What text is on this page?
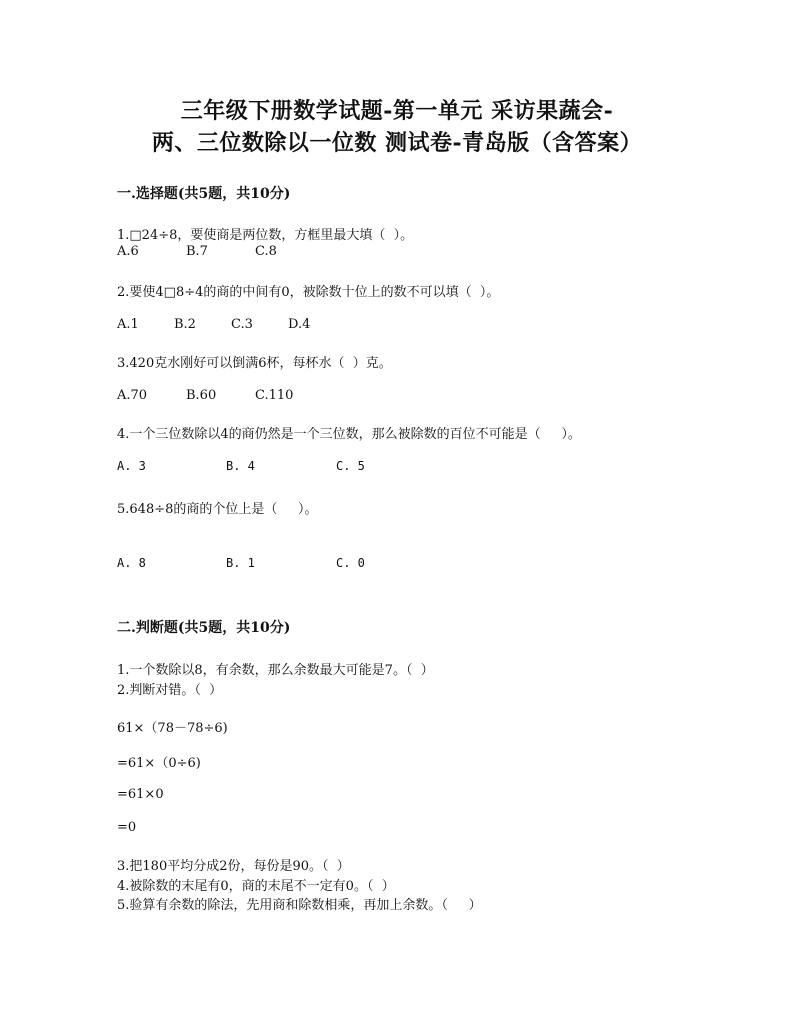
三年级下册数学试题-第一单元 采访果蔬会-
两、三位数除以一位数 测试卷-青岛版（含答案）
一.选择题(共5题，共10分)
1.□24÷8，要使商是两位数，方框里最大填（  ）。
A.6	B.7	C.8
2.要使4□8÷4的商的中间有0，被除数十位上的数不可以填（  ）。
A.1	B.2	C.3	D.4
3.420克水刚好可以倒满6杯，每杯水（  ）克。
A.70	B.60	C.110
4.一个三位数除以4的商仍然是一个三位数，那么被除数的百位不可能是（     ）。
A. 3	B. 4	C. 5
5.648÷8的商的个位上是（     ）。
A. 8	B. 1	C. 0
二.判断题(共5题，共10分)
1.一个数除以8，有余数，那么余数最大可能是7。（  ）
2.判断对错。（  ）
61×（78－78÷6)
=61×（0÷6)
=61×0
=0
3.把180平均分成2份，每份是90。（  ）
4.被除数的末尾有0，商的末尾不一定有0。（  ）
5.验算有余数的除法，先用商和除数相乘，再加上余数。（     ）
